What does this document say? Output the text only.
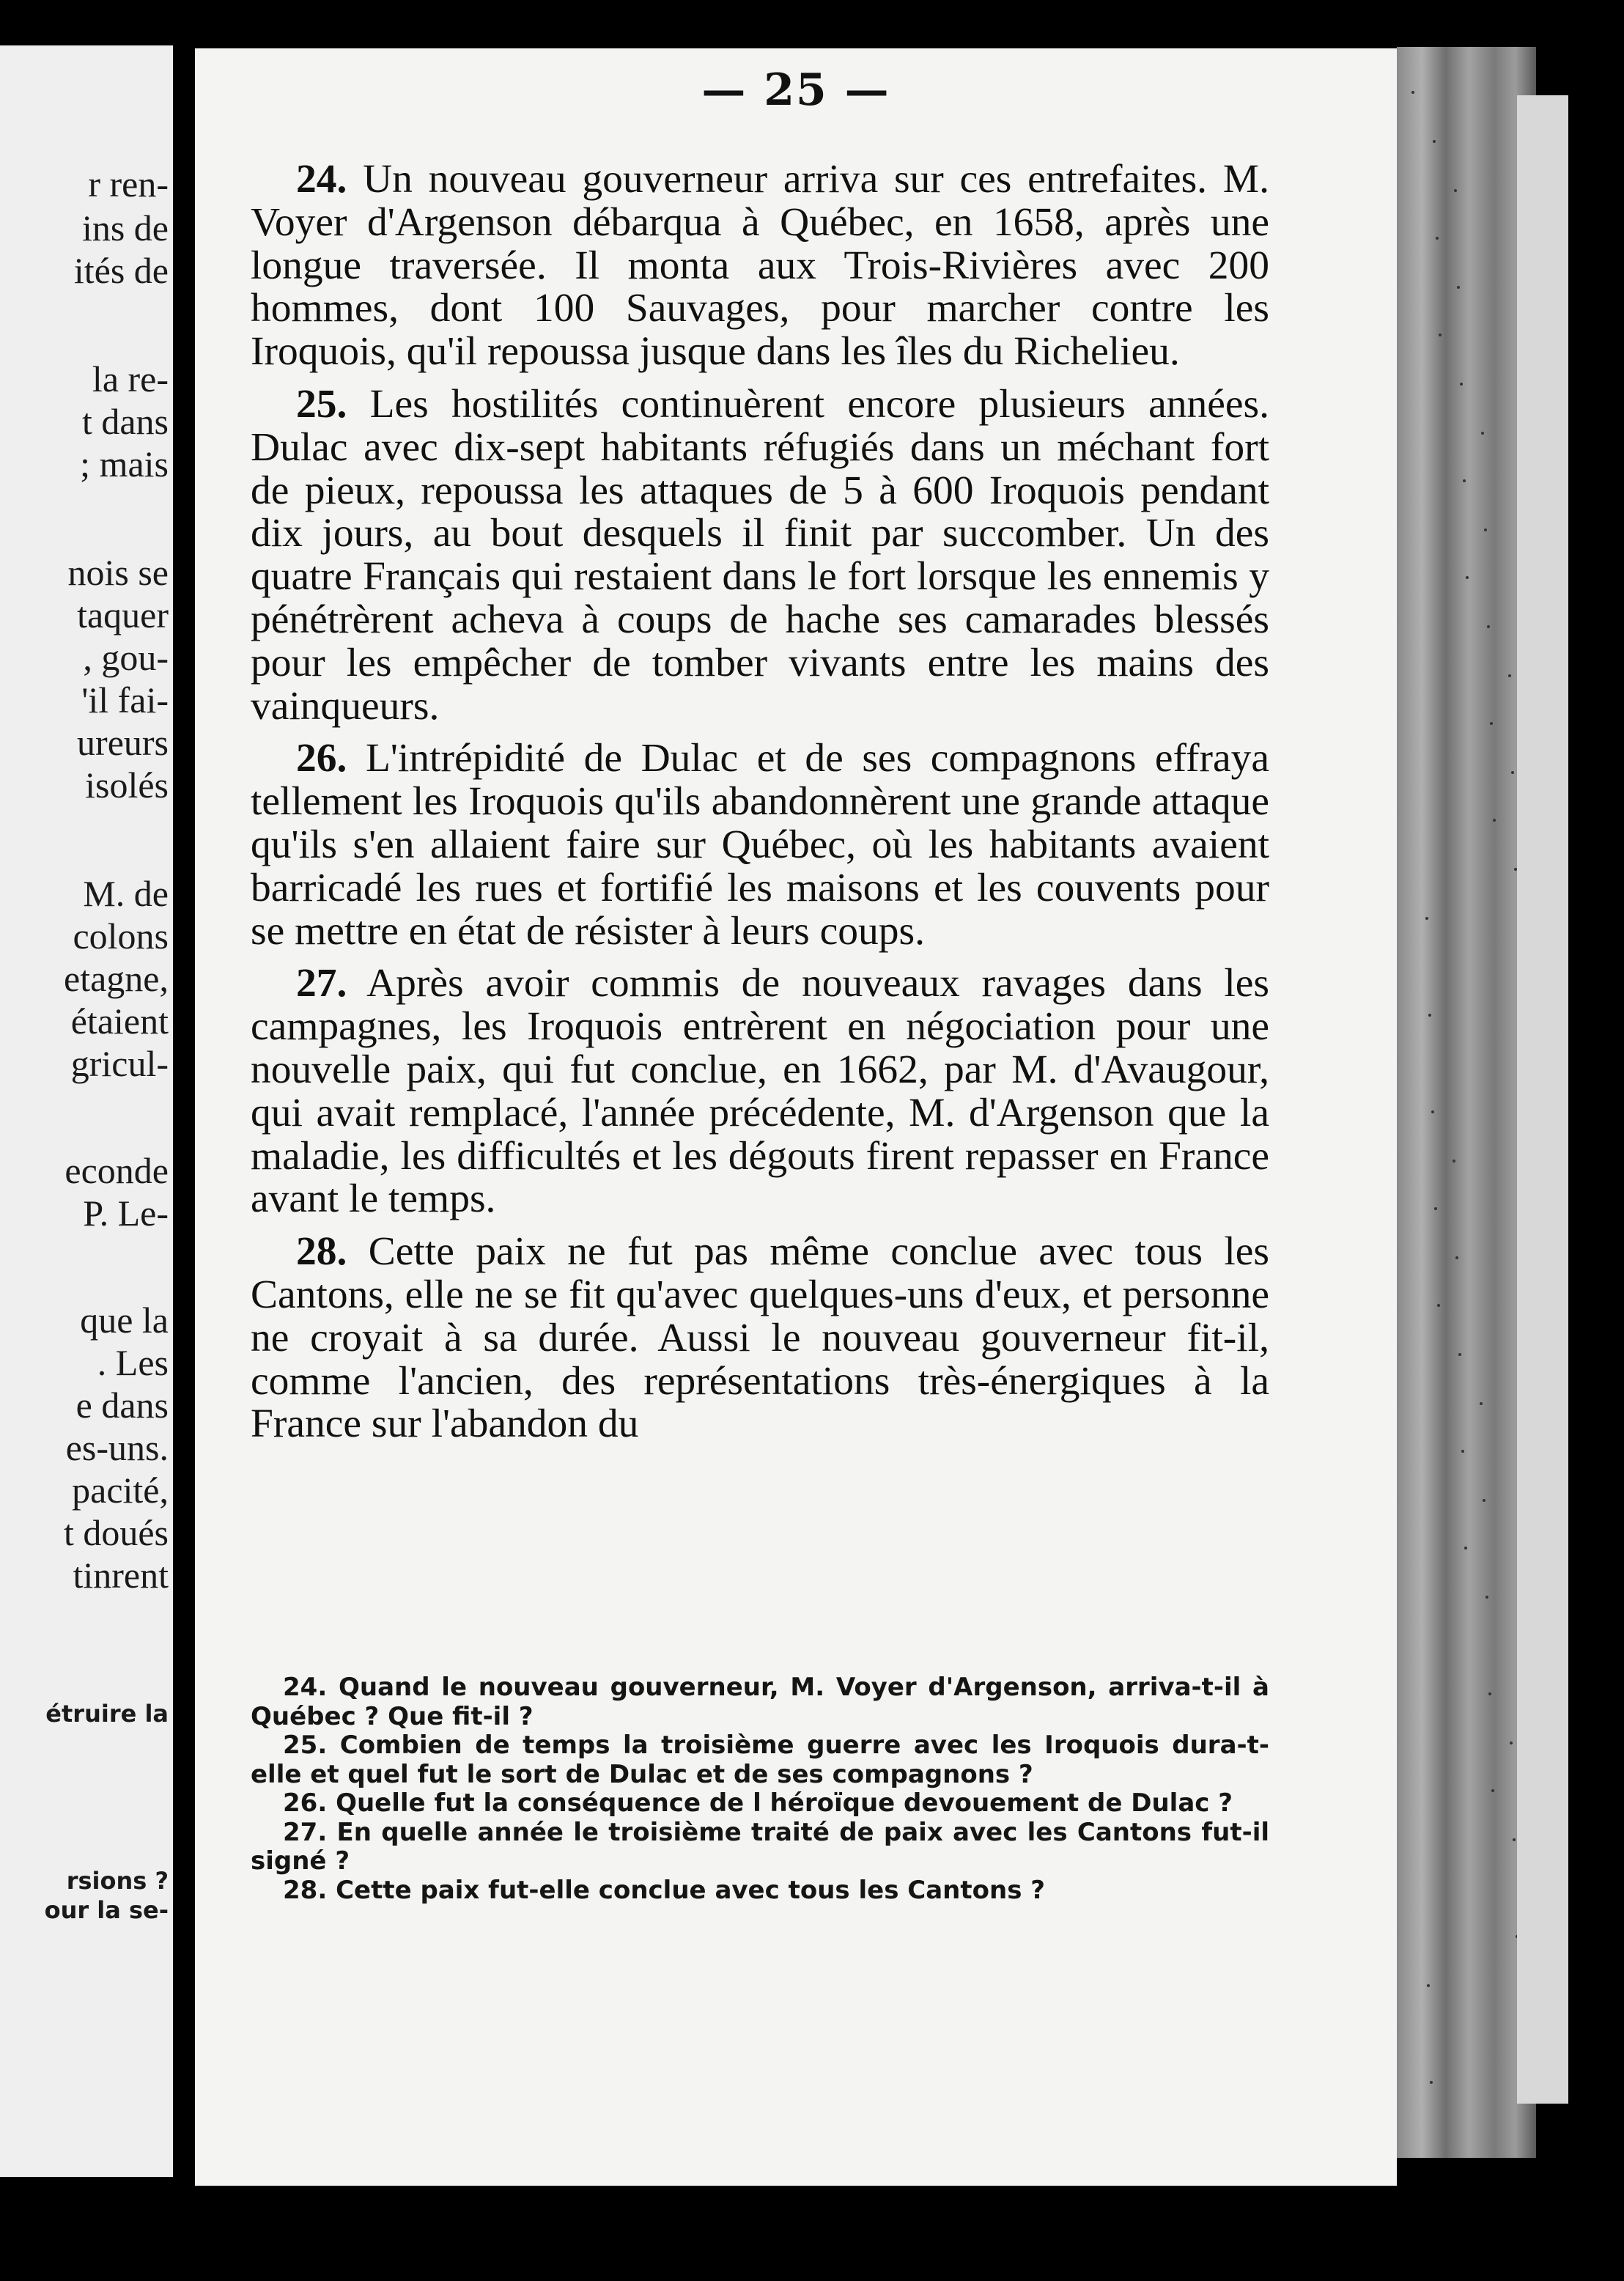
r ren-
ins de
ités de
la re-
t dans
; mais
nois se
taquer
, gou-
'il fai-
ureurs
isolés
M. de
colons
etagne,
étaient
gricul-
econde
P. Le-
que la
. Les
e dans
es-uns.
pacité,
t doués
tinrent
étruire la
rsions ?
our la se-
— 25 —

24. Un nouveau gouverneur arriva sur ces entrefaites. M. Voyer d'Argenson débarqua à Québec, en 1658, après une longue traversée. Il monta aux Trois-Rivières avec 200 hommes, dont 100 Sauvages, pour marcher contre les Iroquois, qu'il repoussa jusque dans les îles du Richelieu.

25. Les hostilités continuèrent encore plusieurs années. Dulac avec dix-sept habitants réfugiés dans un méchant fort de pieux, repoussa les attaques de 5 à 600 Iroquois pendant dix jours, au bout desquels il finit par succomber. Un des quatre Français qui restaient dans le fort lorsque les ennemis y pénétrèrent acheva à coups de hache ses camarades blessés pour les empêcher de tomber vivants entre les mains des vainqueurs.

26. L'intrépidité de Dulac et de ses compagnons effraya tellement les Iroquois qu'ils abandonnèrent une grande attaque qu'ils s'en allaient faire sur Québec, où les habitants avaient barricadé les rues et fortifié les maisons et les couvents pour se mettre en état de résister à leurs coups.

27. Après avoir commis de nouveaux ravages dans les campagnes, les Iroquois entrèrent en négociation pour une nouvelle paix, qui fut conclue, en 1662, par M. d'Avaugour, qui avait remplacé, l'année précédente, M. d'Argenson que la maladie, les difficultés et les dégouts firent repasser en France avant le temps.

28. Cette paix ne fut pas même conclue avec tous les Cantons, elle ne se fit qu'avec quelques-uns d'eux, et personne ne croyait à sa durée. Aussi le nouveau gouverneur fit-il, comme l'ancien, des représentations très-énergiques à la France sur l'abandon du

24. Quand le nouveau gouverneur, M. Voyer d'Argenson, arriva-t-il à Québec ? Que fit-il ?

25. Combien de temps la troisième guerre avec les Iroquois dura-t-elle et quel fut le sort de Dulac et de ses compagnons ?

26. Quelle fut la conséquence de l héroïque devouement de Dulac ?

27. En quelle année le troisième traité de paix avec les Cantons fut-il signé ?

28. Cette paix fut-elle conclue avec tous les Cantons ?
